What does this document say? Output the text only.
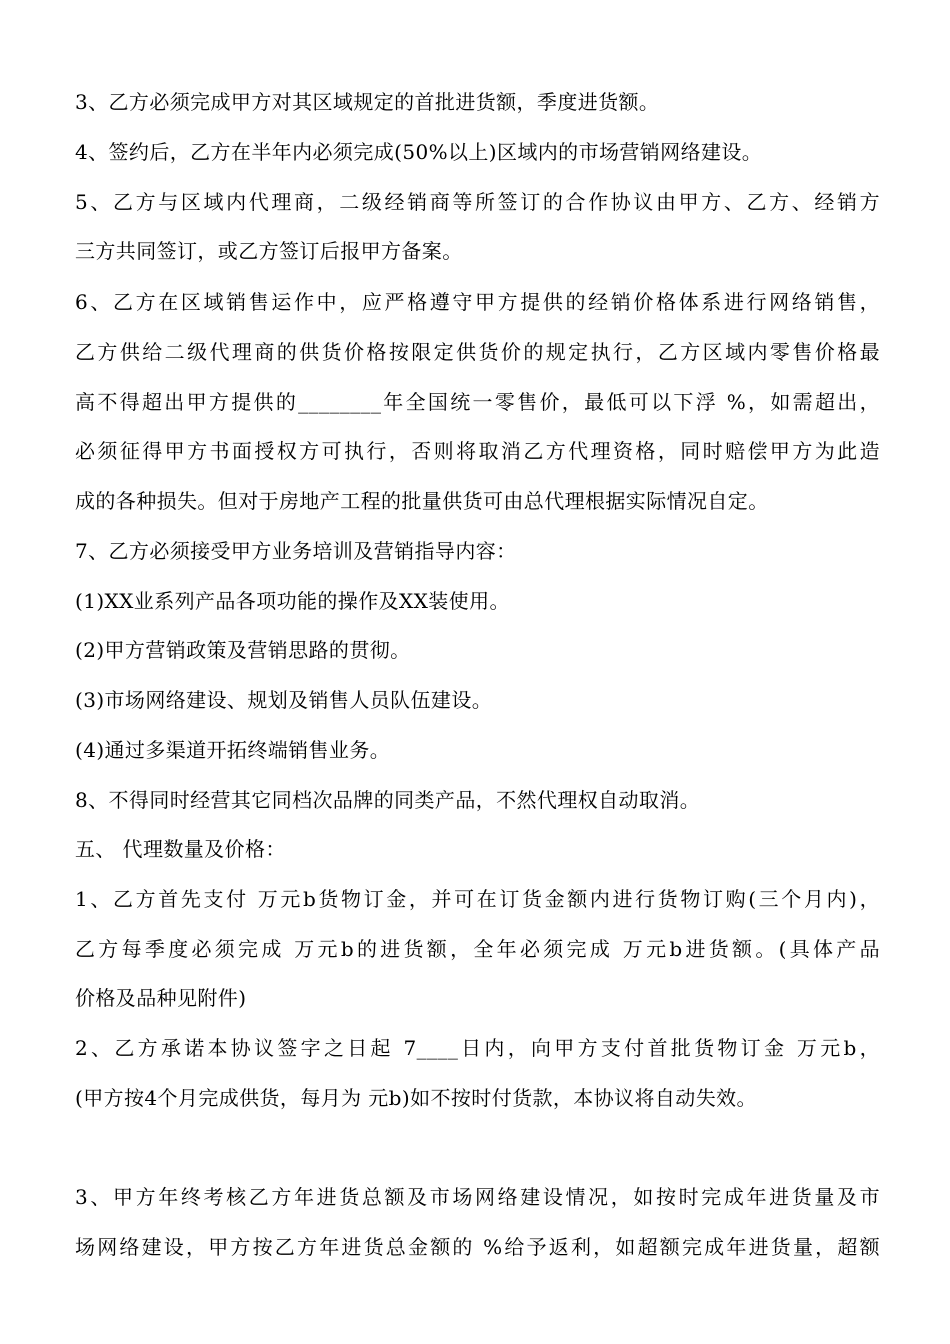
3、乙方必须完成甲方对其区域规定的首批进货额，季度进货额。
4、签约后，乙方在半年内必须完成(50%以上)区域内的市场营销网络建设。
5、乙方与区域内代理商，二级经销商等所签订的合作协议由甲方、乙方、经销方
三方共同签订，或乙方签订后报甲方备案。
6、乙方在区域销售运作中，应严格遵守甲方提供的经销价格体系进行网络销售，
乙方供给二级代理商的供货价格按限定供货价的规定执行，乙方区域内零售价格最
高不得超出甲方提供的________年全国统一零售价，最低可以下浮 %，如需超出，
必须征得甲方书面授权方可执行，否则将取消乙方代理资格，同时赔偿甲方为此造
成的各种损失。但对于房地产工程的批量供货可由总代理根据实际情况自定。
7、乙方必须接受甲方业务培训及营销指导内容：
(1)XX业系列产品各项功能的操作及XX装使用。
(2)甲方营销政策及营销思路的贯彻。
(3)市场网络建设、规划及销售人员队伍建设。
(4)通过多渠道开拓终端销售业务。
8、不得同时经营其它同档次品牌的同类产品，不然代理权自动取消。
五、 代理数量及价格：
1、乙方首先支付 万元b货物订金，并可在订货金额内进行货物订购(三个月内)，
乙方每季度必须完成 万元b的进货额，全年必须完成 万元b进货额。(具体产品
价格及品种见附件)
2、乙方承诺本协议签字之日起 7____日内，向甲方支付首批货物订金 万元b，
(甲方按4个月完成供货，每月为 元b)如不按时付货款，本协议将自动失效。
3、甲方年终考核乙方年进货总额及市场网络建设情况，如按时完成年进货量及市
场网络建设，甲方按乙方年进货总金额的 %给予返利，如超额完成年进货量，超额
